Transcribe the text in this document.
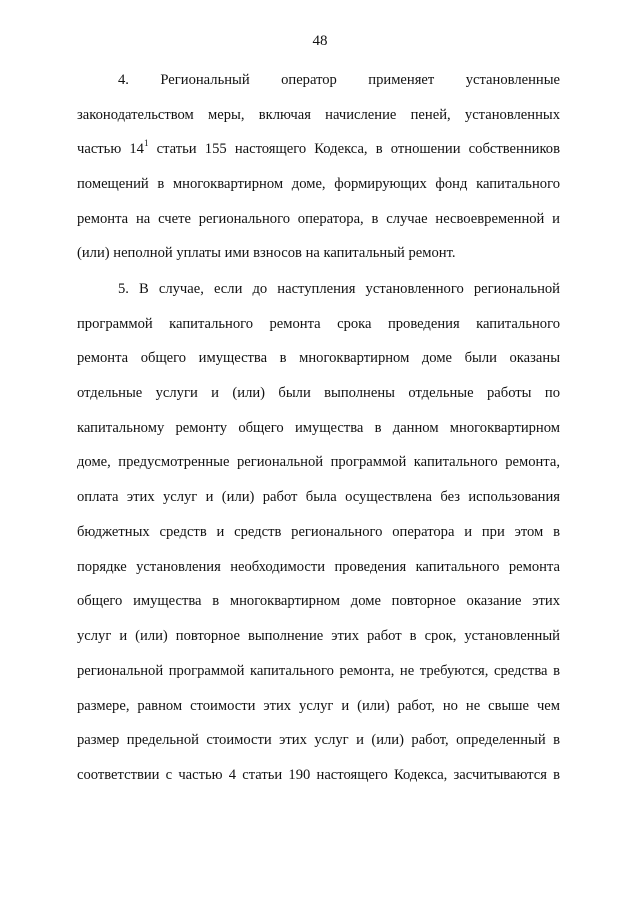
48
4. Региональный оператор применяет установленные
законодательством меры, включая начисление пеней, установленных
частью $14^1$ статьи 155 настоящего Кодекса, в отношении собственников
помещений в многоквартирном доме, формирующих фонд капитального
ремонта на счете регионального оператора, в случае несвоевременной и
(или) неполной уплаты ими взносов на капитальный ремонт.
5. В случае, если до наступления установленного региональной
программой капитального ремонта срока проведения капитального
ремонта общего имущества в многоквартирном доме были оказаны
отдельные услуги и (или) были выполнены отдельные работы по
капитальному ремонту общего имущества в данном многоквартирном
доме, предусмотренные региональной программой капитального ремонта,
оплата этих услуг и (или) работ была осуществлена без использования
бюджетных средств и средств регионального оператора и при этом в
порядке установления необходимости проведения капитального ремонта
общего имущества в многоквартирном доме повторное оказание этих
услуг и (или) повторное выполнение этих работ в срок, установленный
региональной программой капитального ремонта, не требуются, средства в
размере, равном стоимости этих услуг и (или) работ, но не свыше чем
размер предельной стоимости этих услуг и (или) работ, определенный в
соответствии с частью 4 статьи 190 настоящего Кодекса, засчитываются в
